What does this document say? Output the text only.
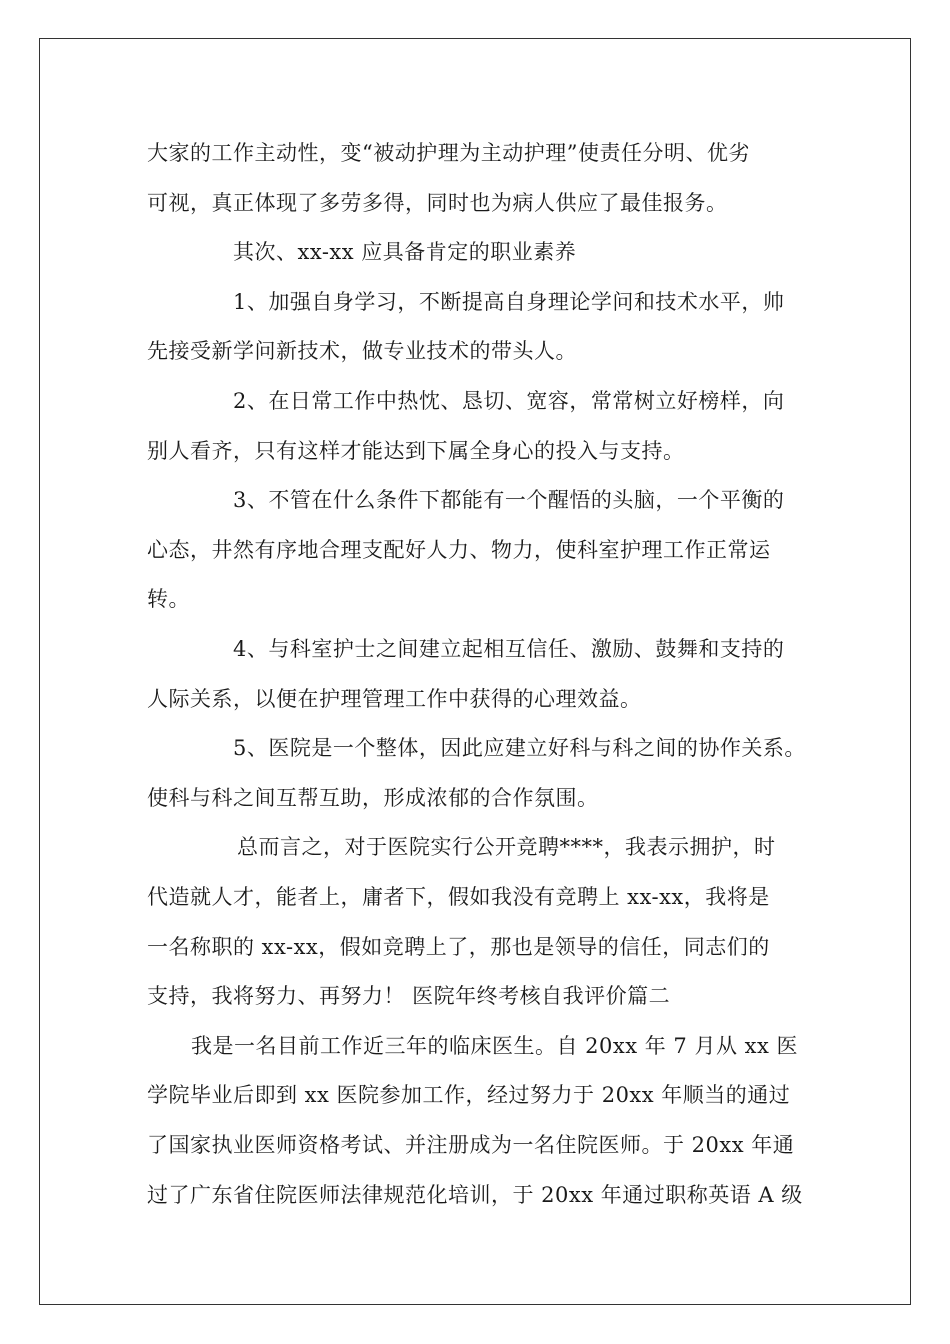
大家的工作主动性，变“被动护理为主动护理”使责任分明、优劣
可视，真正体现了多劳多得，同时也为病人供应了最佳报务。
其次、xx-xx 应具备肯定的职业素养
1、加强自身学习，不断提高自身理论学问和技术水平，帅
先接受新学问新技术，做专业技术的带头人。
2、在日常工作中热忱、恳切、宽容，常常树立好榜样，向
别人看齐，只有这样才能达到下属全身心的投入与支持。
3、不管在什么条件下都能有一个醒悟的头脑，一个平衡的
心态，井然有序地合理支配好人力、物力，使科室护理工作正常运
转。
4、与科室护士之间建立起相互信任、激励、鼓舞和支持的
人际关系，以便在护理管理工作中获得的心理效益。
5、医院是一个整体，因此应建立好科与科之间的协作关系。
使科与科之间互帮互助，形成浓郁的合作氛围。
总而言之，对于医院实行公开竞聘****，我表示拥护，时
代造就人才，能者上，庸者下，假如我没有竞聘上 xx-xx，我将是
一名称职的 xx-xx，假如竞聘上了，那也是领导的信任，同志们的
支持，我将努力、再努力！ 医院年终考核自我评价篇二
我是一名目前工作近三年的临床医生。自 20xx 年 7 月从 xx 医
学院毕业后即到 xx 医院参加工作，经过努力于 20xx 年顺当的通过
了国家执业医师资格考试、并注册成为一名住院医师。于 20xx 年通
过了广东省住院医师法律规范化培训，于 20xx 年通过职称英语 A 级
